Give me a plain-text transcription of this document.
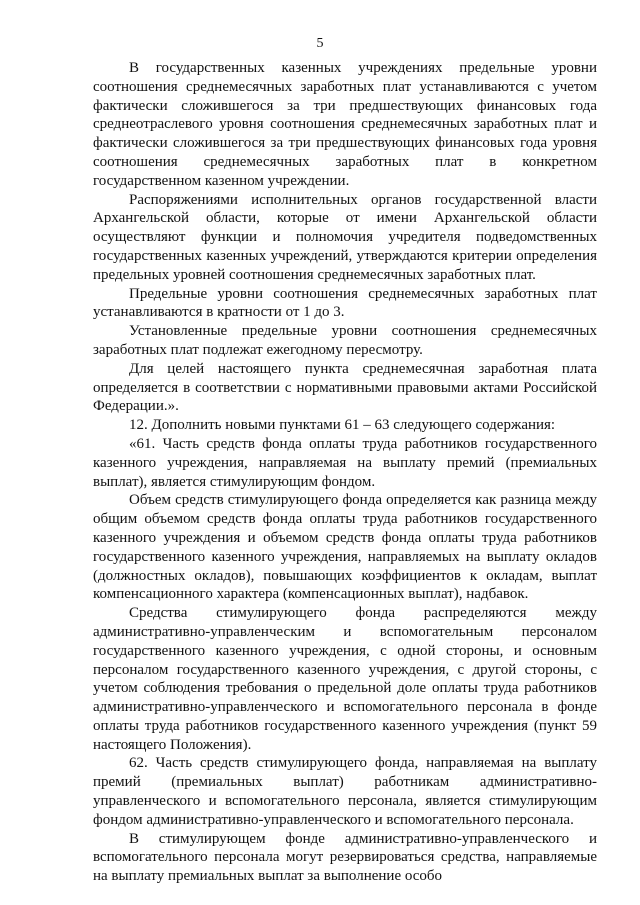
5

В государственных казенных учреждениях предельные уровни соотношения среднемесячных заработных плат устанавливаются с учетом фактически сложившегося за три предшествующих финансовых года среднеотраслевого уровня соотношения среднемесячных заработных плат и фактически сложившегося за три предшествующих финансовых года уровня соотношения среднемесячных заработных плат в конкретном государственном казенном учреждении.

Распоряжениями исполнительных органов государственной власти Архангельской области, которые от имени Архангельской области осуществляют функции и полномочия учредителя подведомственных государственных казенных учреждений, утверждаются критерии определения предельных уровней соотношения среднемесячных заработных плат.

Предельные уровни соотношения среднемесячных заработных плат устанавливаются в кратности от 1 до 3.

Установленные предельные уровни соотношения среднемесячных заработных плат подлежат ежегодному пересмотру.

Для целей настоящего пункта среднемесячная заработная плата определяется в соответствии с нормативными правовыми актами Российской Федерации.».

12. Дополнить новыми пунктами 61 – 63 следующего содержания:

«61. Часть средств фонда оплаты труда работников государственного казенного учреждения, направляемая на выплату премий (премиальных выплат), является стимулирующим фондом.

Объем средств стимулирующего фонда определяется как разница между общим объемом средств фонда оплаты труда работников государственного казенного учреждения и объемом средств фонда оплаты труда работников государственного казенного учреждения, направляемых на выплату окладов (должностных окладов), повышающих коэффициентов к окладам, выплат компенсационного характера (компенсационных выплат), надбавок.

Средства стимулирующего фонда распределяются между административно-управленческим и вспомогательным персоналом государственного казенного учреждения, с одной стороны, и основным персоналом государственного казенного учреждения, с другой стороны, с учетом соблюдения требования о предельной доле оплаты труда работников административно-управленческого и вспомогательного персонала в фонде оплаты труда работников государственного казенного учреждения (пункт 59 настоящего Положения).

62. Часть средств стимулирующего фонда, направляемая на выплату премий (премиальных выплат) работникам административно-управленческого и вспомогательного персонала, является стимулирующим фондом административно-управленческого и вспомогательного персонала.

В стимулирующем фонде административно-управленческого и вспомогательного персонала могут резервироваться средства, направляемые на выплату премиальных выплат за выполнение особо
